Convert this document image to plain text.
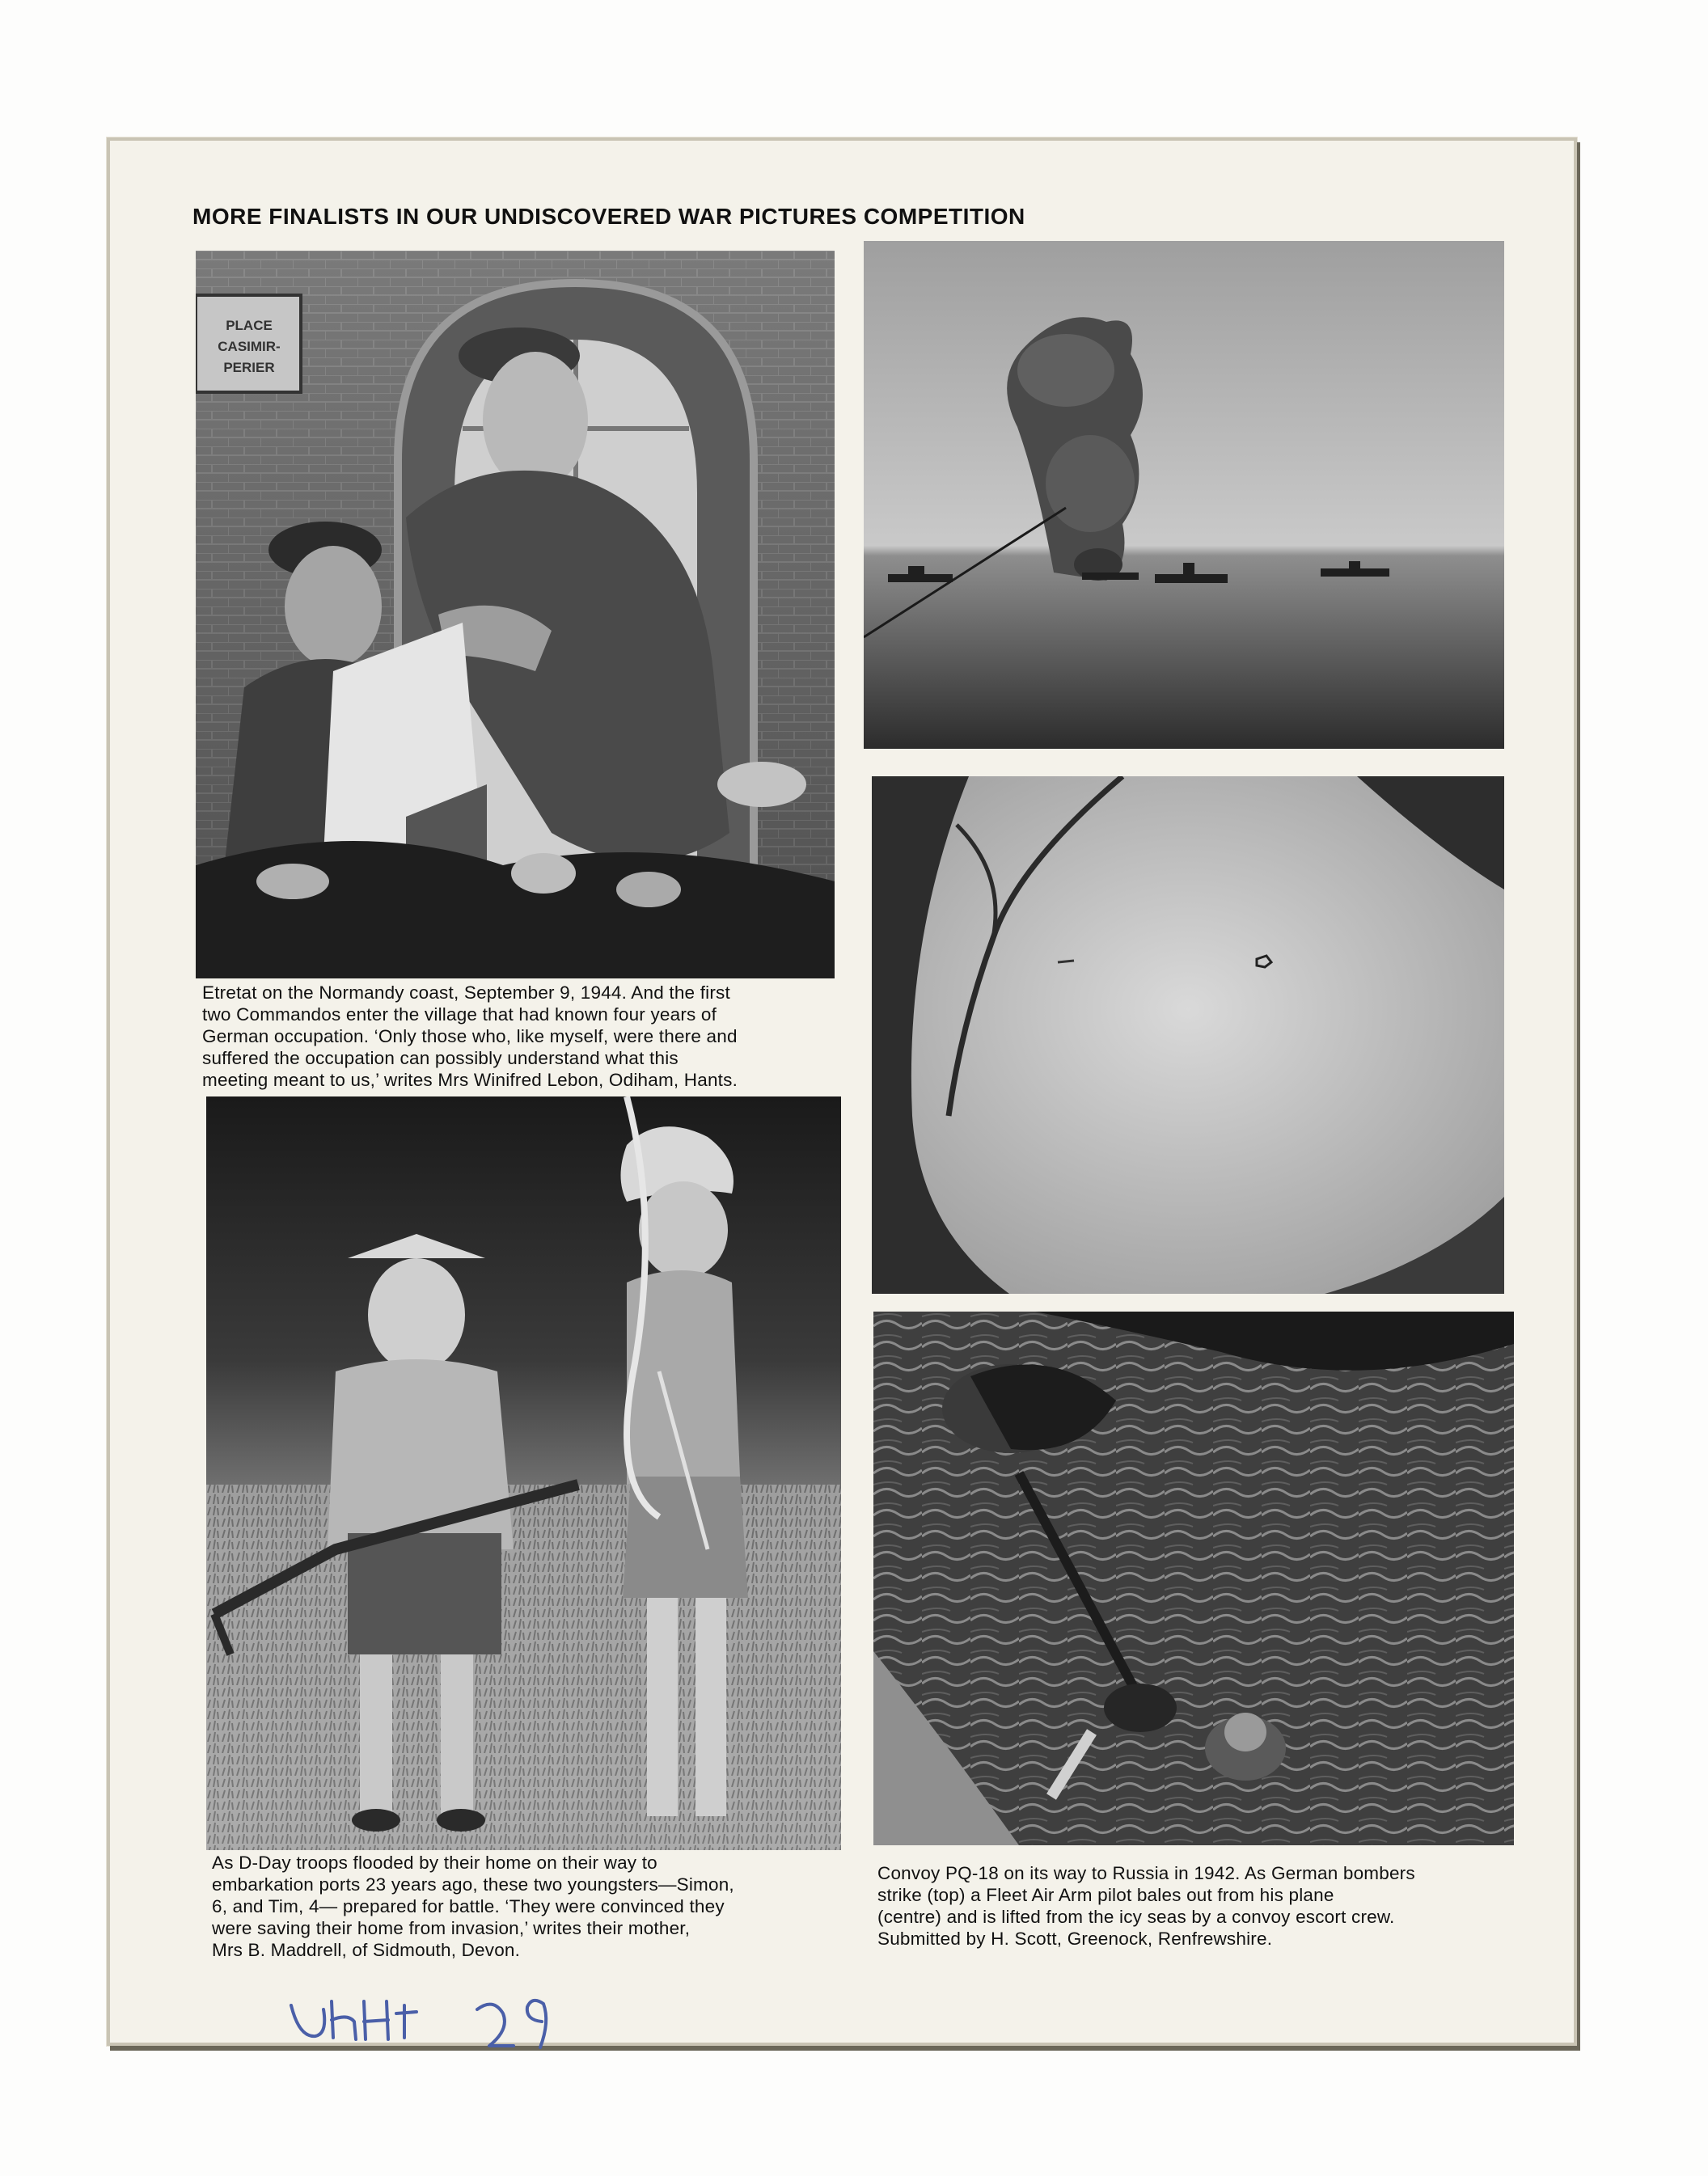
MORE FINALISTS IN OUR UNDISCOVERED WAR PICTURES COMPETITION
PLACE
CASIMIR-PERIER

Etretat on the Normandy coast, September 9, 1944. And the first

two Commandos enter the village that had known four years of

German occupation. ‘Only those who, like myself, were there and

suffered the occupation can possibly understand what this

meeting meant to us,’ writes Mrs Winifred Lebon, Odiham, Hants.

As D-Day troops flooded by their home on their way to

embarkation ports 23 years ago, these two youngsters—Simon,

6, and Tim, 4— prepared for battle. ‘They were convinced they

were saving their home from invasion,’ writes their mother,

Mrs B. Maddrell, of Sidmouth, Devon.

Convoy PQ-18 on its way to Russia in 1942. As German bombers

strike (top) a Fleet Air Arm pilot bales out from his plane

(centre) and is lifted from the icy seas by a convoy escort crew.

Submitted by H. Scott, Greenock, Renfrewshire.
